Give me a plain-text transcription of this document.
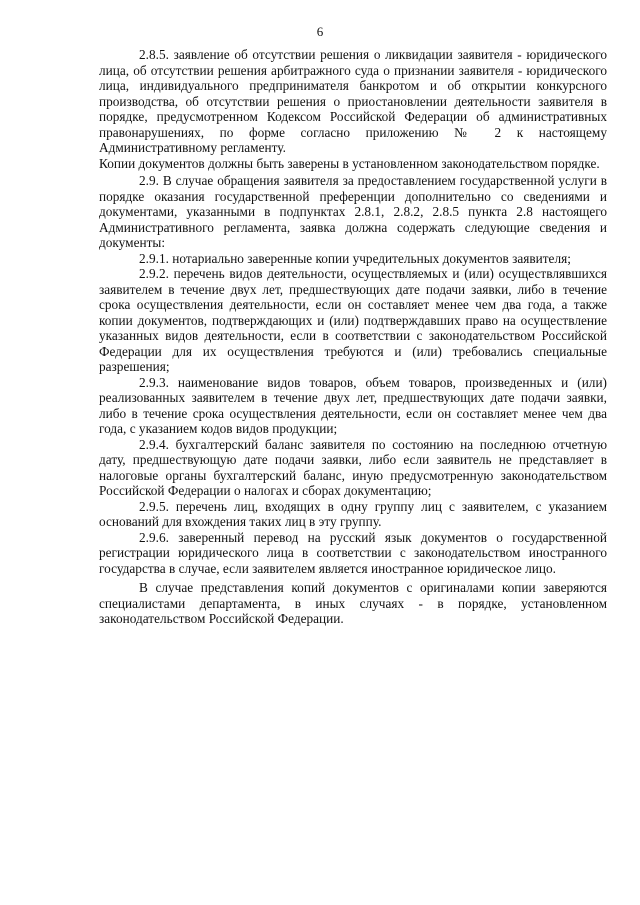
6

2.8.5. заявление об отсутствии решения о ликвидации заявителя - юридического лица, об отсутствии решения арбитражного суда о признании заявителя - юридического лица, индивидуального предпринимателя банкротом и об открытии конкурсного производства, об отсутствии решения о приостановлении деятельности заявителя в порядке, предусмотренном Кодексом Российской Федерации об административных правонарушениях, по форме согласно приложению № 2 к настоящему Административному регламенту.

Копии документов должны быть заверены в установленном законодательством порядке.

2.9. В случае обращения заявителя за предоставлением государственной услуги в порядке оказания государственной преференции дополнительно со сведениями и документами, указанными в подпунктах 2.8.1, 2.8.2, 2.8.5 пункта 2.8 настоящего Административного регламента, заявка должна содержать следующие сведения и документы:

2.9.1. нотариально заверенные копии учредительных документов заявителя;

2.9.2. перечень видов деятельности, осуществляемых и (или) осуществлявшихся заявителем в течение двух лет, предшествующих дате подачи заявки, либо в течение срока осуществления деятельности, если он составляет менее чем два года, а также копии документов, подтверждающих и (или) подтверждавших право на осуществление указанных видов деятельности, если в соответствии с законодательством Российской Федерации для их осуществления требуются и (или) требовались специальные разрешения;

2.9.3. наименование видов товаров, объем товаров, произведенных и (или) реализованных заявителем в течение двух лет, предшествующих дате подачи заявки, либо в течение срока осуществления деятельности, если он составляет менее чем два года, с указанием кодов видов продукции;

2.9.4. бухгалтерский баланс заявителя по состоянию на последнюю отчетную дату, предшествующую дате подачи заявки, либо если заявитель не представляет в налоговые органы бухгалтерский баланс, иную предусмотренную законодательством Российской Федерации о налогах и сборах документацию;

2.9.5. перечень лиц, входящих в одну группу лиц с заявителем, с указанием оснований для вхождения таких лиц в эту группу.

2.9.6. заверенный перевод на русский язык документов о государственной регистрации юридического лица в соответствии с законодательством иностранного государства в случае, если заявителем является иностранное юридическое лицо.

В случае представления копий документов с оригиналами копии заверяются специалистами департамента, в иных случаях - в порядке, установленном законодательством Российской Федерации.
